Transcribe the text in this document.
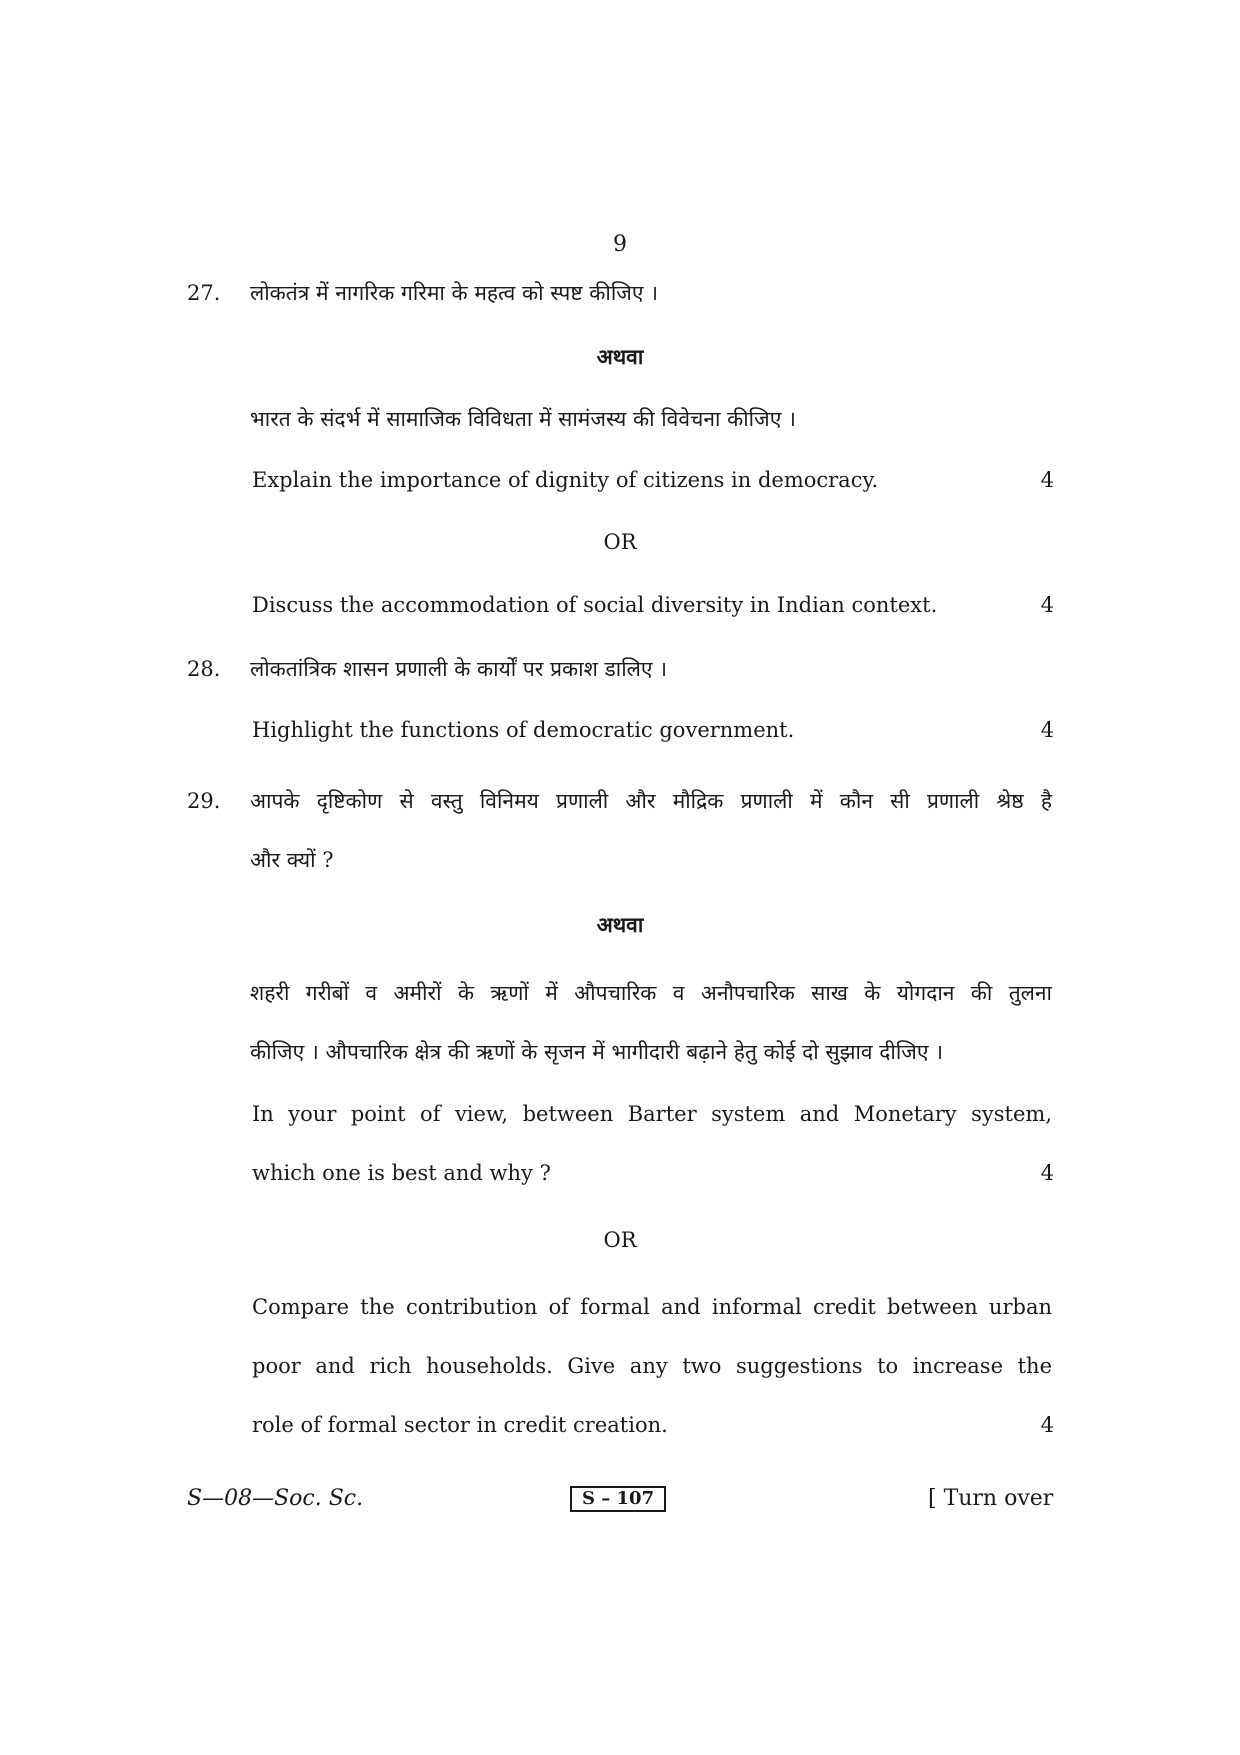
9
27. लोकतंत्र में नागरिक गरिमा के महत्व को स्पष्ट कीजिए ।
अथवा
भारत के संदर्भ में सामाजिक विविधता में सामंजस्य की विवेचना कीजिए ।
Explain the importance of dignity of citizens in democracy.	4
OR
Discuss the accommodation of social diversity in Indian context.	4
28. लोकतांत्रिक शासन प्रणाली के कार्यों पर प्रकाश डालिए ।
Highlight the functions of democratic government.	4
29. आपके दृष्टिकोण से वस्तु विनिमय प्रणाली और मौद्रिक प्रणाली में कौन सी प्रणाली श्रेष्ठ है
और क्यों ?
अथवा
शहरी गरीबों व अमीरों के ऋणों में औपचारिक व अनौपचारिक साख के योगदान की तुलना
कीजिए । औपचारिक क्षेत्र की ऋणों के सृजन में भागीदारी बढ़ाने हेतु कोई दो सुझाव दीजिए ।
In your point of view, between Barter system and Monetary system,
which one is best and why ?	4
OR
Compare the contribution of formal and informal credit between urban
poor and rich households. Give any two suggestions to increase the
role of formal sector in credit creation.	4
S—08—Soc. Sc.	S – 107	[ Turn over
